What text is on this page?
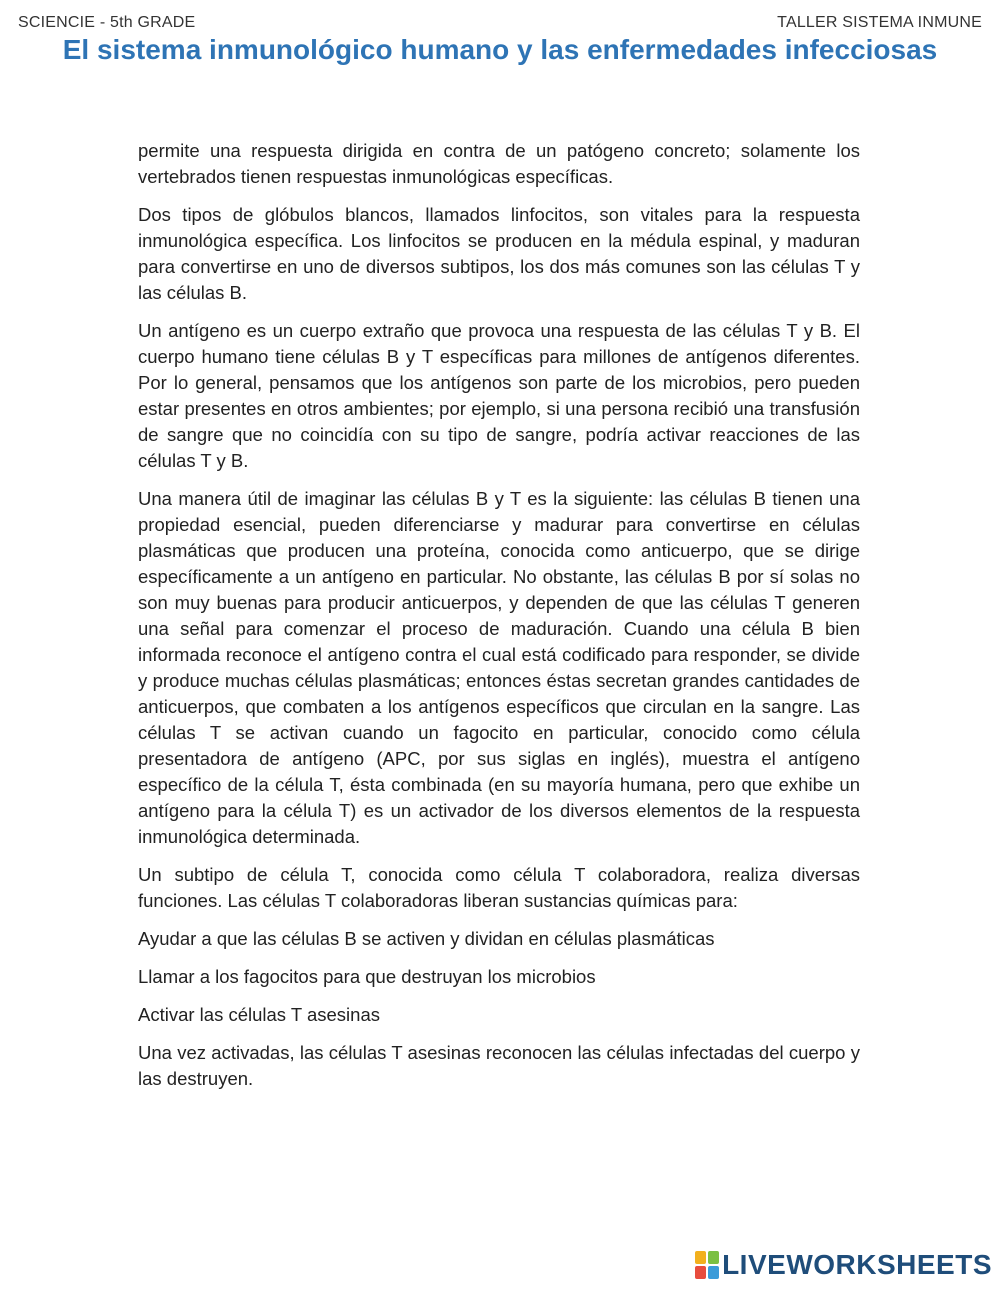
SCIENCIE - 5th GRADE	TALLER SISTEMA INMUNE
El sistema inmunológico humano y las enfermedades infecciosas

permite una respuesta dirigida en contra de un patógeno concreto; solamente los vertebrados tienen respuestas inmunológicas específicas.

Dos tipos de glóbulos blancos, llamados linfocitos, son vitales para la respuesta inmunológica específica. Los linfocitos se producen en la médula espinal, y maduran para convertirse en uno de diversos subtipos, los dos más comunes son las células T y las células B.

Un antígeno es un cuerpo extraño que provoca una respuesta de las células T y B. El cuerpo humano tiene células B y T específicas para millones de antígenos diferentes. Por lo general, pensamos que los antígenos son parte de los microbios, pero pueden estar presentes en otros ambientes; por ejemplo, si una persona recibió una transfusión de sangre que no coincidía con su tipo de sangre, podría activar reacciones de las células T y B.

Una manera útil de imaginar las células B y T es la siguiente: las células B tienen una propiedad esencial, pueden diferenciarse y madurar para convertirse en células plasmáticas que producen una proteína, conocida como anticuerpo, que se dirige específicamente a un antígeno en particular. No obstante, las células B por sí solas no son muy buenas para producir anticuerpos, y dependen de que las células T generen una señal para comenzar el proceso de maduración. Cuando una célula B bien informada reconoce el antígeno contra el cual está codificado para responder, se divide y produce muchas células plasmáticas; entonces éstas secretan grandes cantidades de anticuerpos, que combaten a los antígenos específicos que circulan en la sangre. Las células T se activan cuando un fagocito en particular, conocido como célula presentadora de antígeno (APC, por sus siglas en inglés), muestra el antígeno específico de la célula T, ésta combinada (en su mayoría humana, pero que exhibe un antígeno para la célula T) es un activador de los diversos elementos de la respuesta inmunológica determinada.

Un subtipo de célula T, conocida como célula T colaboradora, realiza diversas funciones. Las células T colaboradoras liberan sustancias químicas para:

Ayudar a que las células B se activen y dividan en células plasmáticas

Llamar a los fagocitos para que destruyan los microbios

Activar las células T asesinas

Una vez activadas, las células T asesinas reconocen las células infectadas del cuerpo y las destruyen.

LIVEWORKSHEETS
